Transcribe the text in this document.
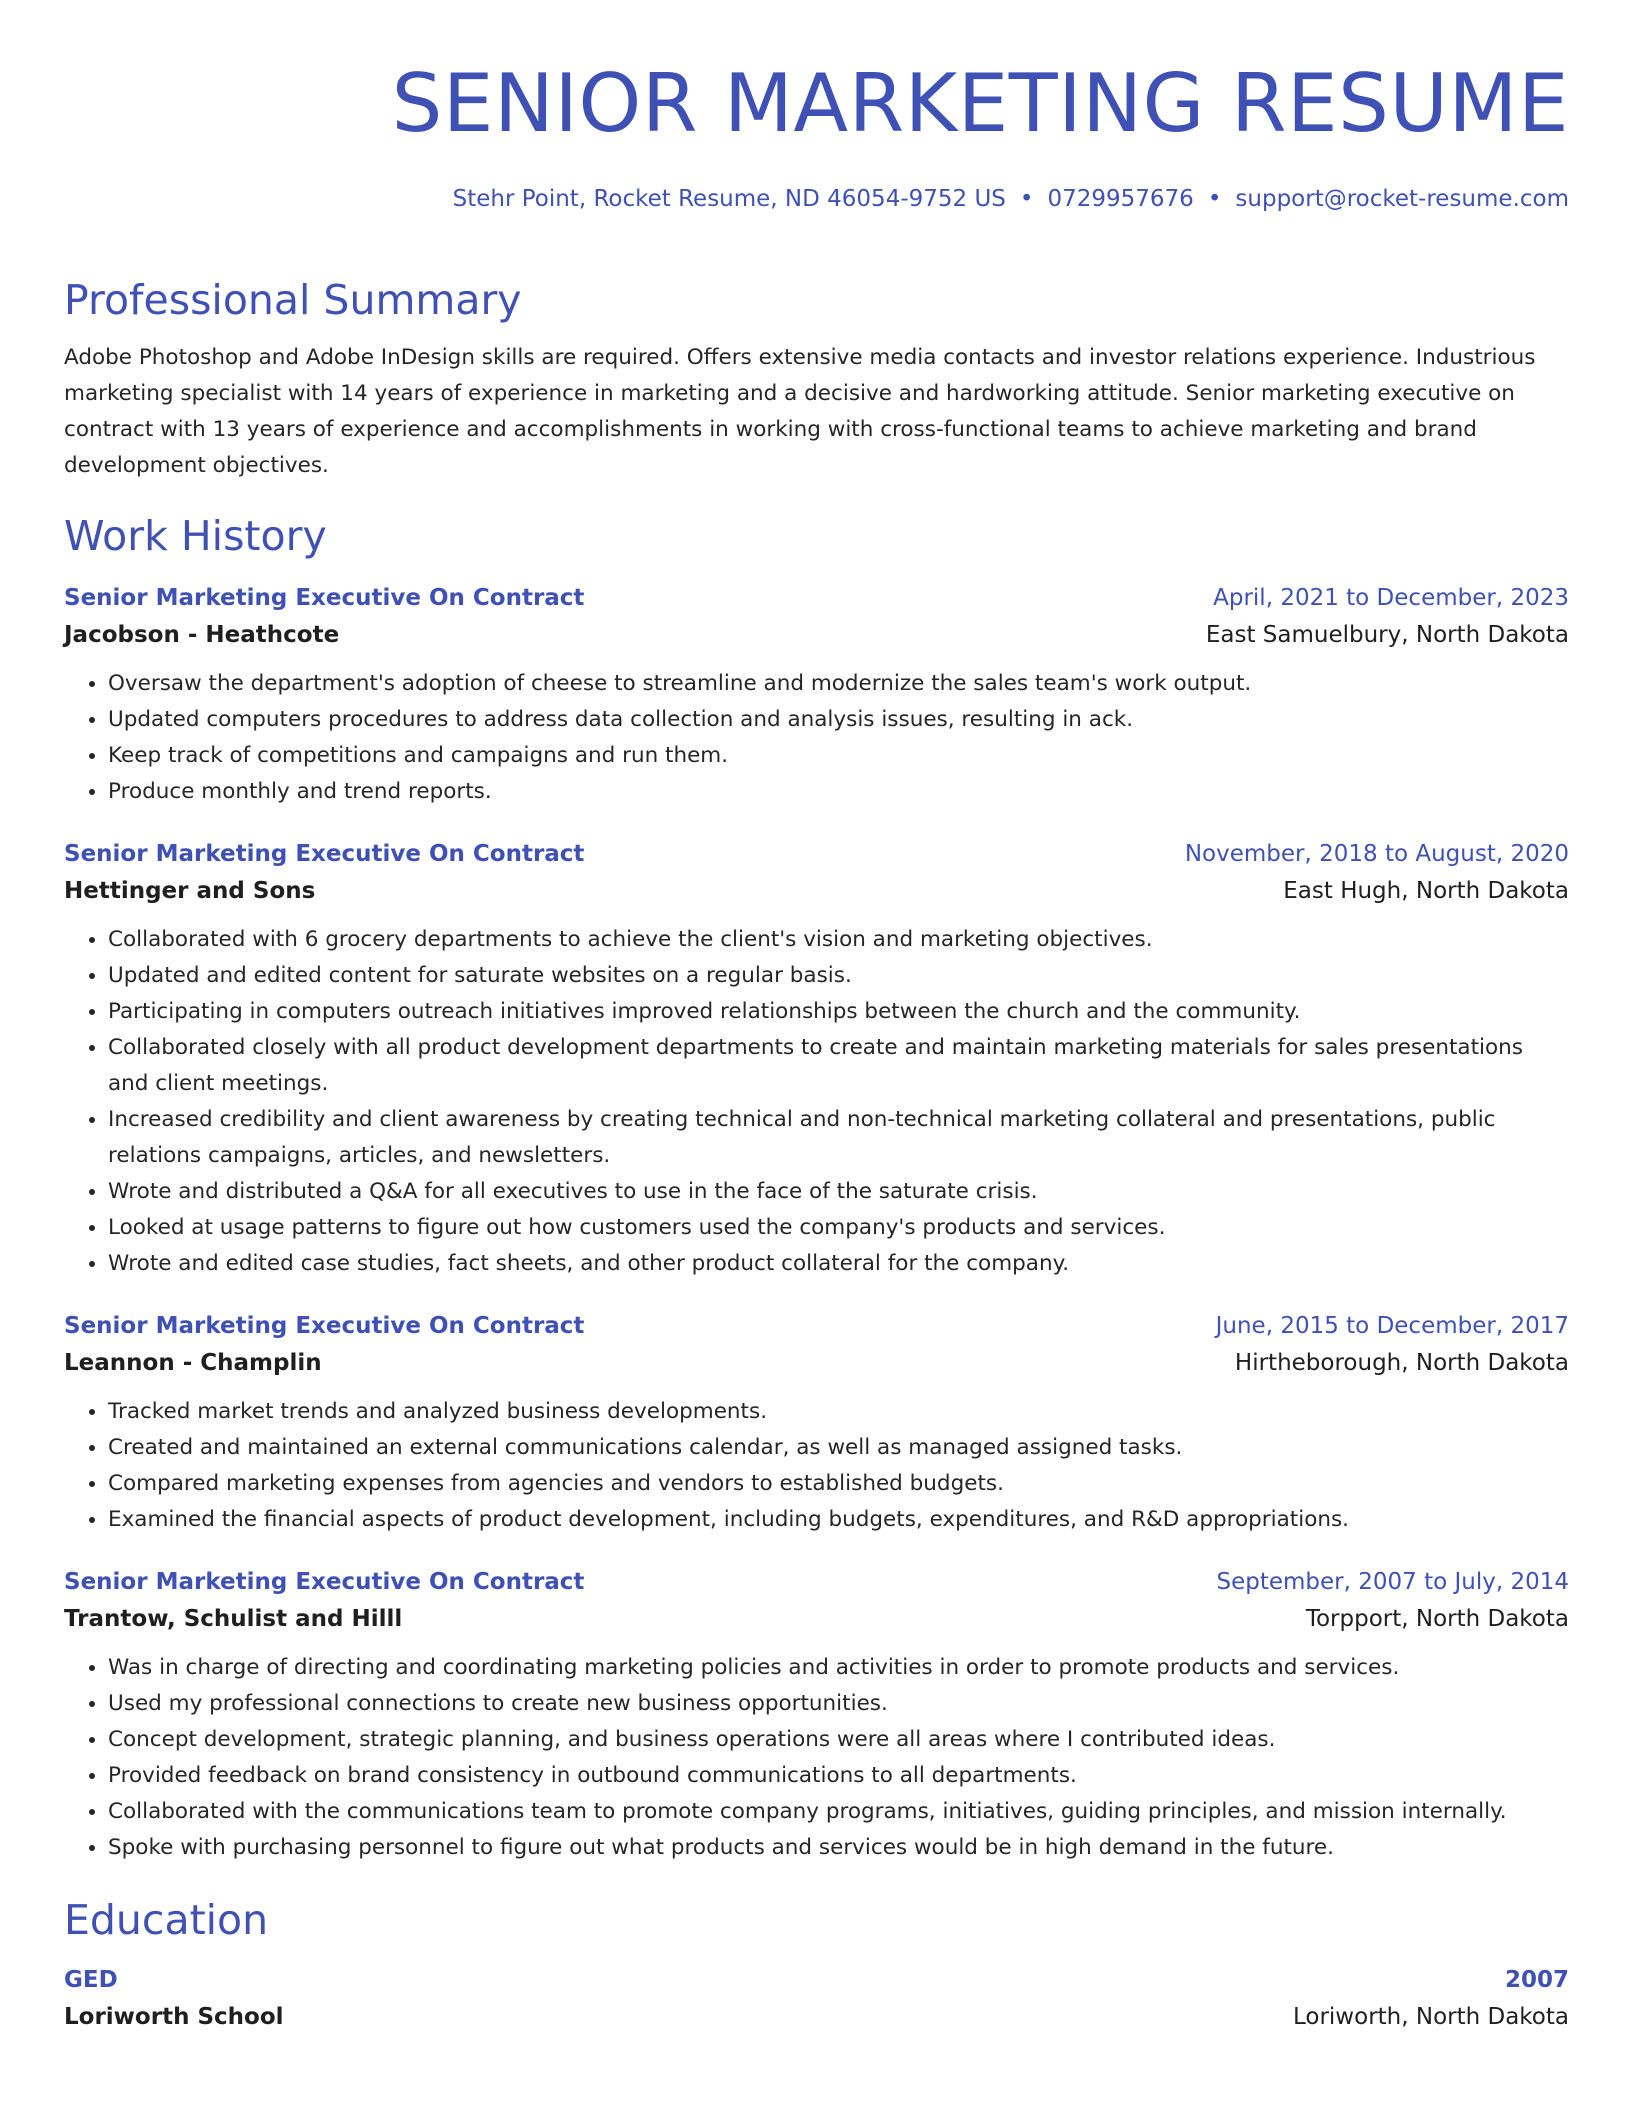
SENIOR MARKETING RESUME
Stehr Point, Rocket Resume, ND 46054-9752 US • 0729957676 • support@rocket-resume.com
Professional Summary

Adobe Photoshop and Adobe InDesign skills are required. Offers extensive media contacts and investor relations experience. Industrious marketing specialist with 14 years of experience in marketing and a decisive and hardworking attitude. Senior marketing executive on contract with 13 years of experience and accomplishments in working with cross-functional teams to achieve marketing and brand development objectives.

Work History
Senior Marketing Executive On Contract	April, 2021 to December, 2023
Jacobson - Heathcote	East Samuelbury, North Dakota
• Oversaw the department's adoption of cheese to streamline and modernize the sales team's work output.
• Updated computers procedures to address data collection and analysis issues, resulting in ack.
• Keep track of competitions and campaigns and run them.
• Produce monthly and trend reports.
Senior Marketing Executive On Contract	November, 2018 to August, 2020
Hettinger and Sons	East Hugh, North Dakota
• Collaborated with 6 grocery departments to achieve the client's vision and marketing objectives.
• Updated and edited content for saturate websites on a regular basis.
• Participating in computers outreach initiatives improved relationships between the church and the community.
• Collaborated closely with all product development departments to create and maintain marketing materials for sales presentations and client meetings.
• Increased credibility and client awareness by creating technical and non-technical marketing collateral and presentations, public relations campaigns, articles, and newsletters.
• Wrote and distributed a Q&A for all executives to use in the face of the saturate crisis.
• Looked at usage patterns to figure out how customers used the company's products and services.
• Wrote and edited case studies, fact sheets, and other product collateral for the company.
Senior Marketing Executive On Contract	June, 2015 to December, 2017
Leannon - Champlin	Hirtheborough, North Dakota
• Tracked market trends and analyzed business developments.
• Created and maintained an external communications calendar, as well as managed assigned tasks.
• Compared marketing expenses from agencies and vendors to established budgets.
• Examined the financial aspects of product development, including budgets, expenditures, and R&D appropriations.
Senior Marketing Executive On Contract	September, 2007 to July, 2014
Trantow, Schulist and Hilll	Torpport, North Dakota
• Was in charge of directing and coordinating marketing policies and activities in order to promote products and services.
• Used my professional connections to create new business opportunities.
• Concept development, strategic planning, and business operations were all areas where I contributed ideas.
• Provided feedback on brand consistency in outbound communications to all departments.
• Collaborated with the communications team to promote company programs, initiatives, guiding principles, and mission internally.
• Spoke with purchasing personnel to figure out what products and services would be in high demand in the future.
Education
GED	2007
Loriworth School	Loriworth, North Dakota
